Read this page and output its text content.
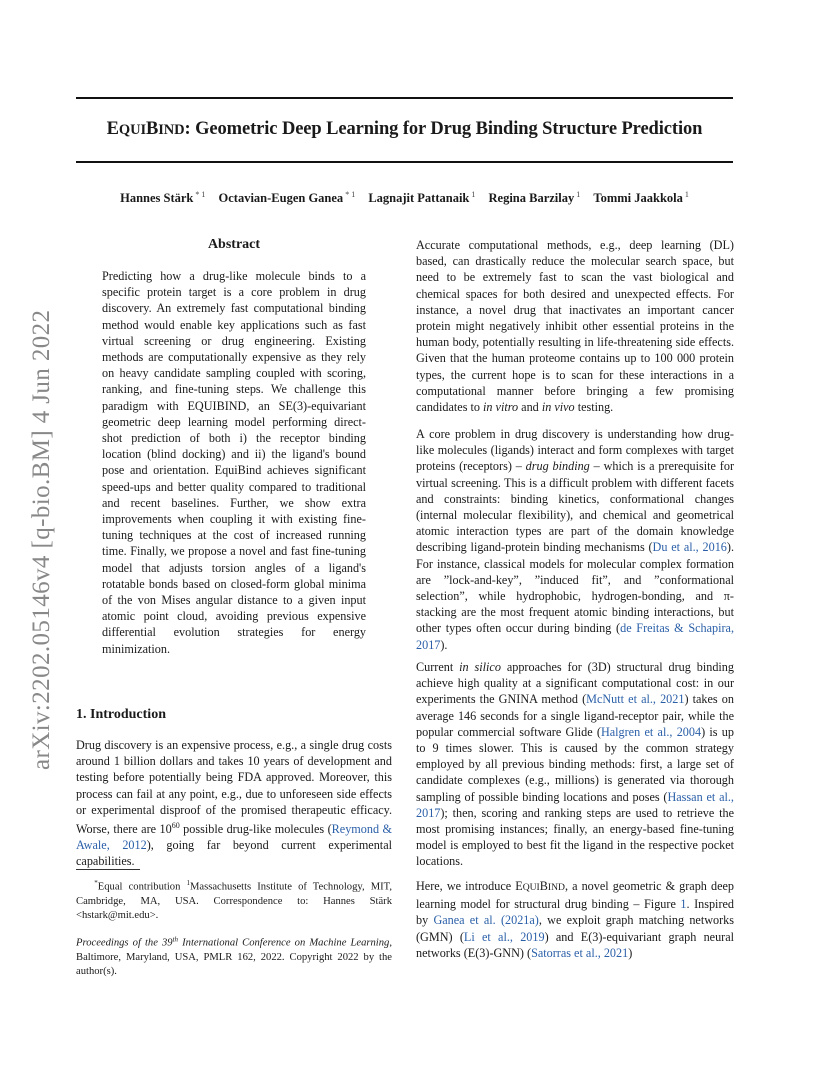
EQUIBIND: Geometric Deep Learning for Drug Binding Structure Prediction
Hannes Stärk $^{* 1}$ Octavian-Eugen Ganea $^{* 1}$ Lagnajit Pattanaik $^1$ Regina Barzilay $^1$ Tommi Jaakkola $^1$
arXiv:2202.05146v4 [q-bio.BM] 4 Jun 2022
Abstract

Predicting how a drug-like molecule binds to a specific protein target is a core problem in drug discovery. An extremely fast computational binding method would enable key applications such as fast virtual screening or drug engineering. Existing methods are computationally expensive as they rely on heavy candidate sampling coupled with scoring, ranking, and fine-tuning steps. We challenge this paradigm with EQUIBIND, an SE(3)-equivariant geometric deep learning model performing direct-shot prediction of both i) the receptor binding location (blind docking) and ii) the ligand's bound pose and orientation. EquiBind achieves significant speed-ups and better quality compared to traditional and recent baselines. Further, we show extra improvements when coupling it with existing fine-tuning techniques at the cost of increased running time. Finally, we propose a novel and fast fine-tuning model that adjusts torsion angles of a ligand's rotatable bonds based on closed-form global minima of the von Mises angular distance to a given input atomic point cloud, avoiding previous expensive differential evolution strategies for energy minimization.

1. Introduction

Drug discovery is an expensive process, e.g., a single drug costs around 1 billion dollars and takes 10 years of development and testing before potentially being FDA approved. Moreover, this process can fail at any point, e.g., due to unforeseen side effects or experimental disproof of the promised therapeutic efficacy. Worse, there are $10^{60}$ possible drug-like molecules (Reymond & Awale, 2012), going far beyond current experimental capabilities.

*Equal contribution $^1$Massachusetts Institute of Technology, MIT, Cambridge, MA, USA. Correspondence to: Hannes Stärk <hstark@mit.edu>.

Proceedings of the 39th International Conference on Machine Learning, Baltimore, Maryland, USA, PMLR 162, 2022. Copyright 2022 by the author(s).

Accurate computational methods, e.g., deep learning (DL) based, can drastically reduce the molecular search space, but need to be extremely fast to scan the vast biological and chemical spaces for both desired and unexpected effects. For instance, a novel drug that inactivates an important cancer protein might negatively inhibit other essential proteins in the human body, potentially resulting in life-threatening side effects. Given that the human proteome contains up to 100 000 protein types, the current hope is to scan for these interactions in a computational manner before bringing a few promising candidates to in vitro and in vivo testing.

A core problem in drug discovery is understanding how drug-like molecules (ligands) interact and form complexes with target proteins (receptors) – drug binding – which is a prerequisite for virtual screening. This is a difficult problem with different facets and constraints: binding kinetics, conformational changes (internal molecular flexibility), and chemical and geometrical atomic interaction types are part of the domain knowledge describing ligand-protein binding mechanisms (Du et al., 2016). For instance, classical models for molecular complex formation are ”lock-and-key”, ”induced fit”, and ”conformational selection”, while hydrophobic, hydrogen-bonding, and π-stacking are the most frequent atomic binding interactions, but other types often occur during binding (de Freitas & Schapira, 2017).

Current in silico approaches for (3D) structural drug binding achieve high quality at a significant computational cost: in our experiments the GNINA method (McNutt et al., 2021) takes on average 146 seconds for a single ligand-receptor pair, while the popular commercial software Glide (Halgren et al., 2004) is up to 9 times slower. This is caused by the common strategy employed by all previous binding methods: first, a large set of candidate complexes (e.g., millions) is generated via thorough sampling of possible binding locations and poses (Hassan et al., 2017); then, scoring and ranking steps are used to retrieve the most promising instances; finally, an energy-based fine-tuning model is employed to best fit the ligand in the respective pocket locations.

Here, we introduce EQUIBIND, a novel geometric & graph deep learning model for structural drug binding – Figure 1. Inspired by Ganea et al. (2021a), we exploit graph matching networks (GMN) (Li et al., 2019) and E(3)-equivariant graph neural networks (E(3)-GNN) (Satorras et al., 2021)
